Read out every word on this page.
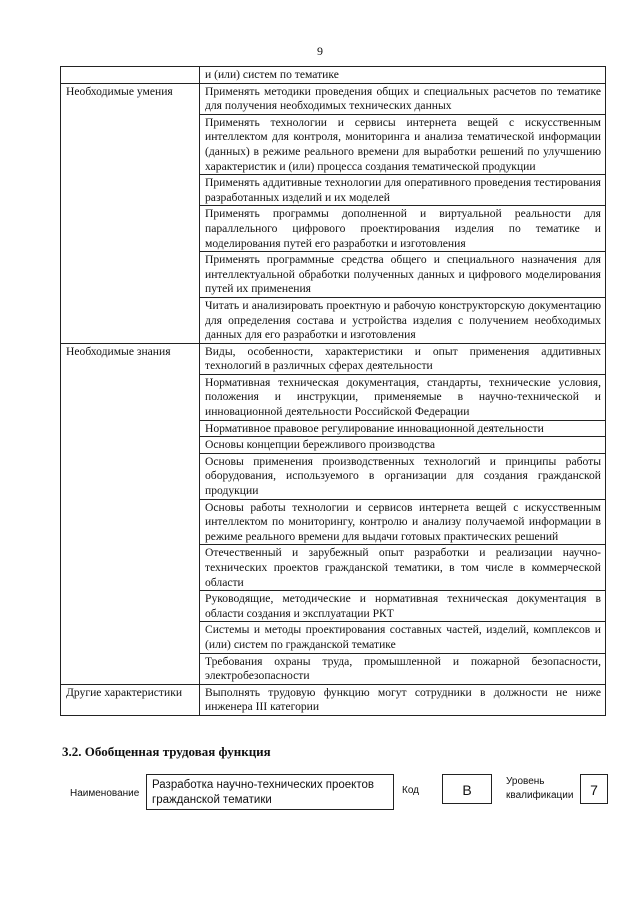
9
	и (или) систем по тематике
Необходимые умения	Применять методики проведения общих и специальных расчетов по тематике для получения необходимых технических данных
	Применять технологии и сервисы интернета вещей с искусственным интеллектом для контроля, мониторинга и анализа тематической информации (данных) в режиме реального времени для выработки решений по улучшению характеристик и (или) процесса создания тематической продукции
	Применять аддитивные технологии для оперативного проведения тестирования разработанных изделий и их моделей
	Применять программы дополненной и виртуальной реальности для параллельного цифрового проектирования изделия по тематике и моделирования путей его разработки и изготовления
	Применять программные средства общего и специального назначения для интеллектуальной обработки полученных данных и цифрового моделирования путей их применения
	Читать и анализировать проектную и рабочую конструкторскую документацию для определения состава и устройства изделия с получением необходимых данных для его разработки и изготовления
Необходимые знания	Виды, особенности, характеристики и опыт применения аддитивных технологий в различных сферах деятельности
	Нормативная техническая документация, стандарты, технические условия, положения и инструкции, применяемые в научно-технической и инновационной деятельности Российской Федерации
	Нормативное правовое регулирование инновационной деятельности
	Основы концепции бережливого производства
	Основы применения производственных технологий и принципы работы оборудования, используемого в организации для создания гражданской продукции
	Основы работы технологии и сервисов интернета вещей с искусственным интеллектом по мониторингу, контролю и анализу получаемой информации в режиме реального времени для выдачи готовых практических решений
	Отечественный и зарубежный опыт разработки и реализации научно-технических проектов гражданской тематики, в том числе в коммерческой области
	Руководящие, методические и нормативная техническая документация в области создания и эксплуатации РКТ
	Системы и методы проектирования составных частей, изделий, комплексов и (или) систем по гражданской тематике
	Требования охраны труда, промышленной и пожарной безопасности, электробезопасности
Другие характеристики	Выполнять трудовую функцию могут сотрудники в должности не ниже инженера III категории
3.2. Обобщенная трудовая функция
Наименование
Разработка научно-технических проектов гражданской тематики
Код	B
Уровень
квалификации	7
